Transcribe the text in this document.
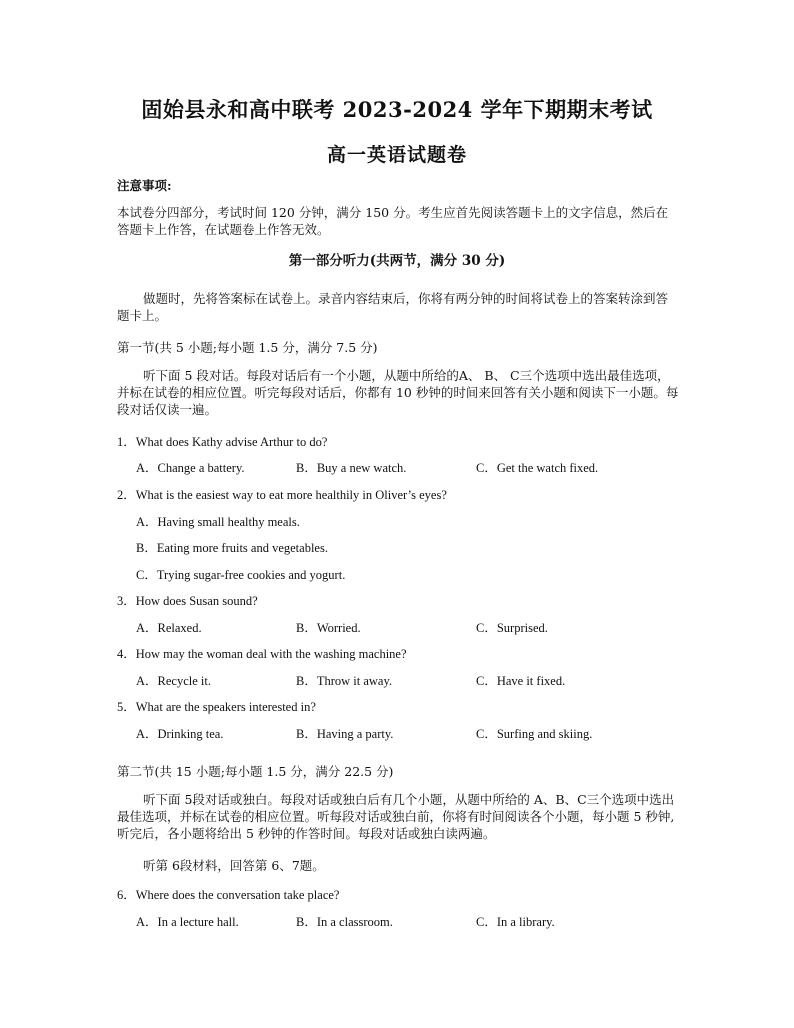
固始县永和高中联考 2023-2024 学年下期期末考试
高一英语试题卷
注意事项:
本试卷分四部分，考试时间 120 分钟，满分 150 分。考生应首先阅读答题卡上的文字信息，然后在答题卡上作答，在试题卷上作答无效。
第一部分听力(共两节，满分 30 分)
做题时，先将答案标在试卷上。录音内容结束后，你将有两分钟的时间将试卷上的答案转涂到答题卡上。
第一节(共 5 小题;每小题 1.5 分，满分 7.5 分)
听下面 5 段对话。每段对话后有一个小题，从题中所给的A、 B、 C三个选项中选出最佳选项，并标在试卷的相应位置。听完每段对话后，你都有 10 秒钟的时间来回答有关小题和阅读下一小题。每段对话仅读一遍。
1．What does Kathy advise Arthur to do?
A．Change a battery.	B．Buy a new watch.	C．Get the watch fixed.
2．What is the easiest way to eat more healthily in Oliver’s eyes?
A．Having small healthy meals.
B．Eating more fruits and vegetables.
C．Trying sugar-free cookies and yogurt.
3．How does Susan sound?
A．Relaxed.	B．Worried.	C．Surprised.
4．How may the woman deal with the washing machine?
A．Recycle it.	B．Throw it away.	C．Have it fixed.
5．What are the speakers interested in?
A．Drinking tea.	B．Having a party.	C．Surfing and skiing.
第二节(共 15 小题;每小题 1.5 分，满分 22.5 分)
听下面 5段对话或独白。每段对话或独白后有几个小题，从题中所给的 A、B、C三个选项中选出最佳选项，并标在试卷的相应位置。听每段对话或独白前，你将有时间阅读各个小题，每小题 5 秒钟,听完后，各小题将给出 5 秒钟的作答时间。每段对话或独白读两遍。
听第 6段材料，回答第 6、7题。
6．Where does the conversation take place?
A．In a lecture hall.	B．In a classroom.	C．In a library.
